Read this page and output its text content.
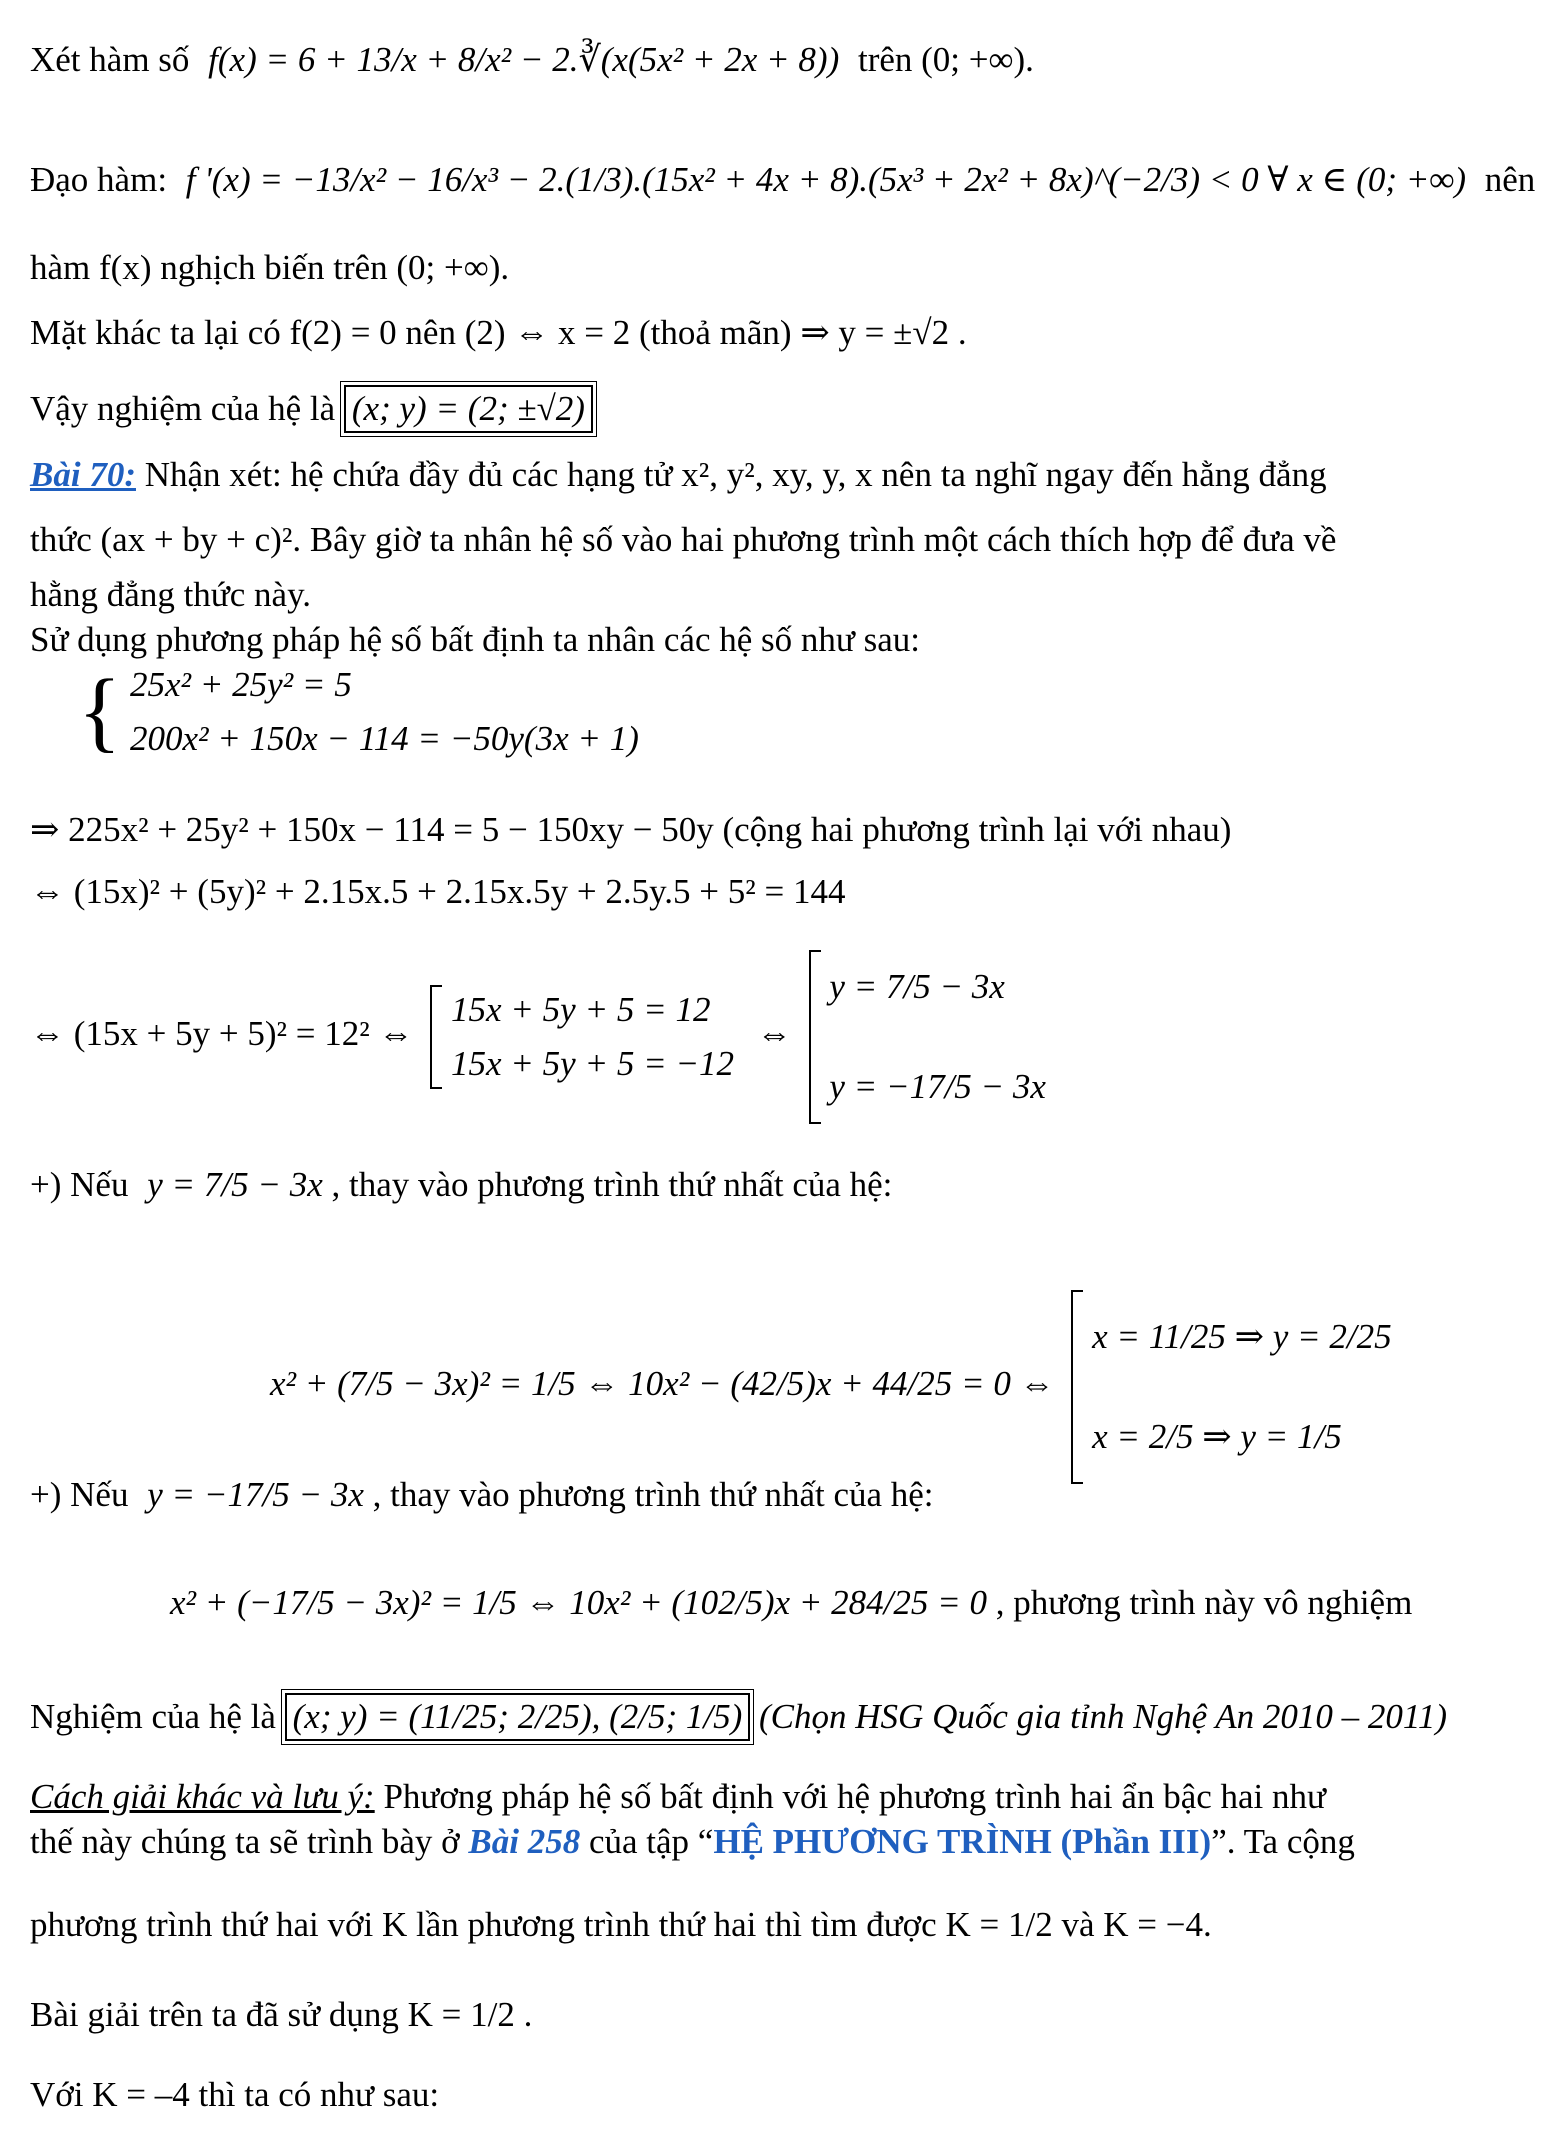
Xét hàm số f(x) = 6 + 13/x + 8/x² − 2.∛(x(5x² + 2x + 8)) trên (0; +∞).
Đạo hàm: f '(x) = −13/x² − 16/x³ − 2.(1/3).(15x² + 4x + 8).(5x³ + 2x² + 8x)^(−2/3) < 0 ∀ x ∈ (0; +∞) nên
hàm f(x) nghịch biến trên (0; +∞).
Mặt khác ta lại có f(2) = 0 nên (2) ⇔ x = 2 (thoả mãn) ⇒ y = ±√2 .
Vậy nghiệm của hệ là (x; y) = (2; ±√2)
Bài 70: Nhận xét: hệ chứa đầy đủ các hạng tử x², y², xy, y, x nên ta nghĩ ngay đến hằng đẳng
thức (ax + by + c)². Bây giờ ta nhân hệ số vào hai phương trình một cách thích hợp để đưa về
hằng đẳng thức này.
Sử dụng phương pháp hệ số bất định ta nhân các hệ số như sau:
{ 25x² + 25y² = 5
200x² + 150x − 114 = −50y(3x + 1)
⇒ 225x² + 25y² + 150x − 114 = 5 − 150xy − 50y (cộng hai phương trình lại với nhau)
⇔ (15x)² + (5y)² + 2.15x.5 + 2.15x.5y + 2.5y.5 + 5² = 144
⇔ (15x + 5y + 5)² = 12² ⇔
15x + 5y + 5 = 12
15x + 5y + 5 = −12
⇔
y = 7/5 − 3x
y = −17/5 − 3x
+) Nếu y = 7/5 − 3x , thay vào phương trình thứ nhất của hệ:
x² + (7/5 − 3x)² = 1/5 ⇔ 10x² − (42/5)x + 44/25 = 0 ⇔
x = 11/25 ⇒ y = 2/25
x = 2/5 ⇒ y = 1/5
+) Nếu y = −17/5 − 3x , thay vào phương trình thứ nhất của hệ:
x² + (−17/5 − 3x)² = 1/5 ⇔ 10x² + (102/5)x + 284/25 = 0 , phương trình này vô nghiệm
Nghiệm của hệ là (x; y) = (11/25; 2/25), (2/5; 1/5) (Chọn HSG Quốc gia tỉnh Nghệ An 2010 – 2011)
Cách giải khác và lưu ý: Phương pháp hệ số bất định với hệ phương trình hai ẩn bậc hai như
thế này chúng ta sẽ trình bày ở Bài 258 của tập “HỆ PHƯƠNG TRÌNH (Phần III)”. Ta cộng
phương trình thứ hai với K lần phương trình thứ hai thì tìm được K = 1/2 và K = −4.
Bài giải trên ta đã sử dụng K = 1/2 .
Với K = –4 thì ta có như sau:
